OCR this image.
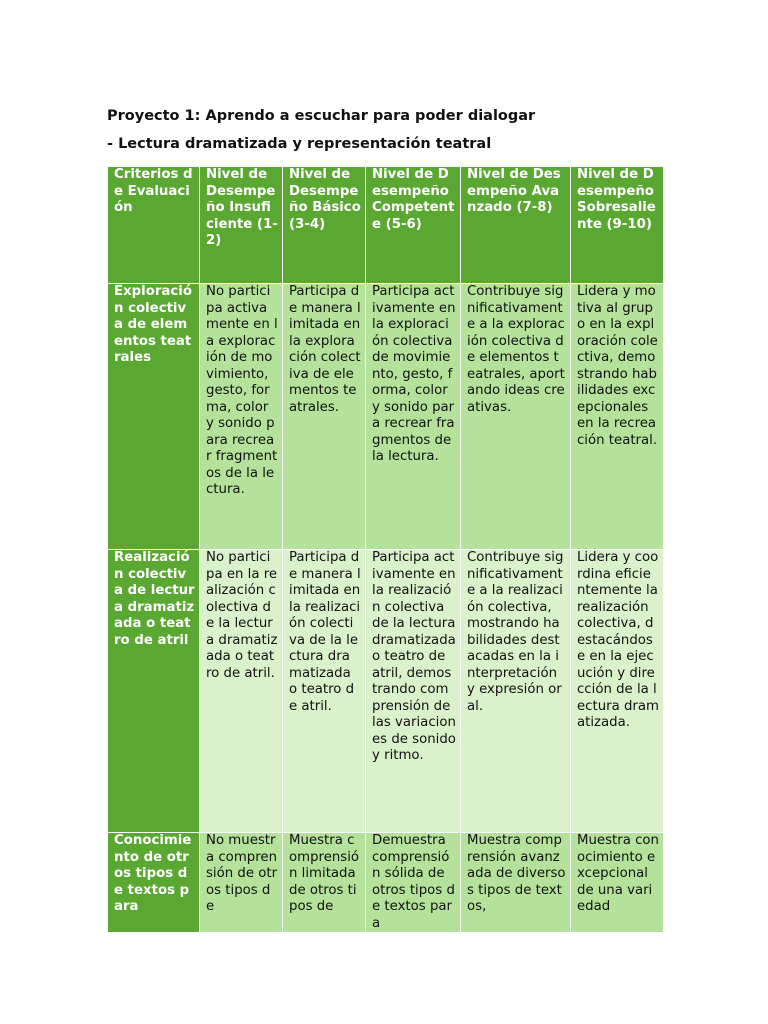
Proyecto 1: Aprendo a escuchar para poder dialogar
- Lectura dramatizada y representación teatral
Criterios de Evaluación	Nivel de Desempeño Insuficiente (1-2)	Nivel de Desempeño Básico (3-4)	Nivel de Desempeño Competente (5-6)	Nivel de Desempeño Avanzado (7-8)	Nivel de Desempeño Sobresaliente (9-10)
Exploración colectiva de elementos teatrales	No participa activamente en la exploración de movimiento, gesto, forma, color y sonido para recrear fragmentos de la lectura.	Participa de manera limitada en la exploración colectiva de elementos teatrales.	Participa activamente en la exploración colectiva de movimiento, gesto, forma, color y sonido para recrear fragmentos de la lectura.	Contribuye significativamente a la exploración colectiva de elementos teatrales, aportando ideas creativas.	Lidera y motiva al grupo en la exploración colectiva, demostrando habilidades excepcionales en la recreación teatral.
Realización colectiva de lectura dramatizada o teatro de atril	No participa en la realización colectiva de la lectura dramatizada o teatro de atril.	Participa de manera limitada en la realización colectiva de la lectura dramatizada o teatro de atril.	Participa activamente en la realización colectiva de la lectura dramatizada o teatro de atril, demostrando comprensión de las variaciones de sonido y ritmo.	Contribuye significativamente a la realización colectiva, mostrando habilidades destacadas en la interpretación y expresión oral.	Lidera y coordina eficientemente la realización colectiva, destacándose en la ejecución y dirección de la lectura dramatizada.
Conocimiento de otros tipos de textos para	No muestra comprensión de otros tipos de	Muestra comprensión limitada de otros tipos de	Demuestra comprensión sólida de otros tipos de textos para	Muestra comprensión avanzada de diversos tipos de textos,	Muestra conocimiento excepcional de una variedad
